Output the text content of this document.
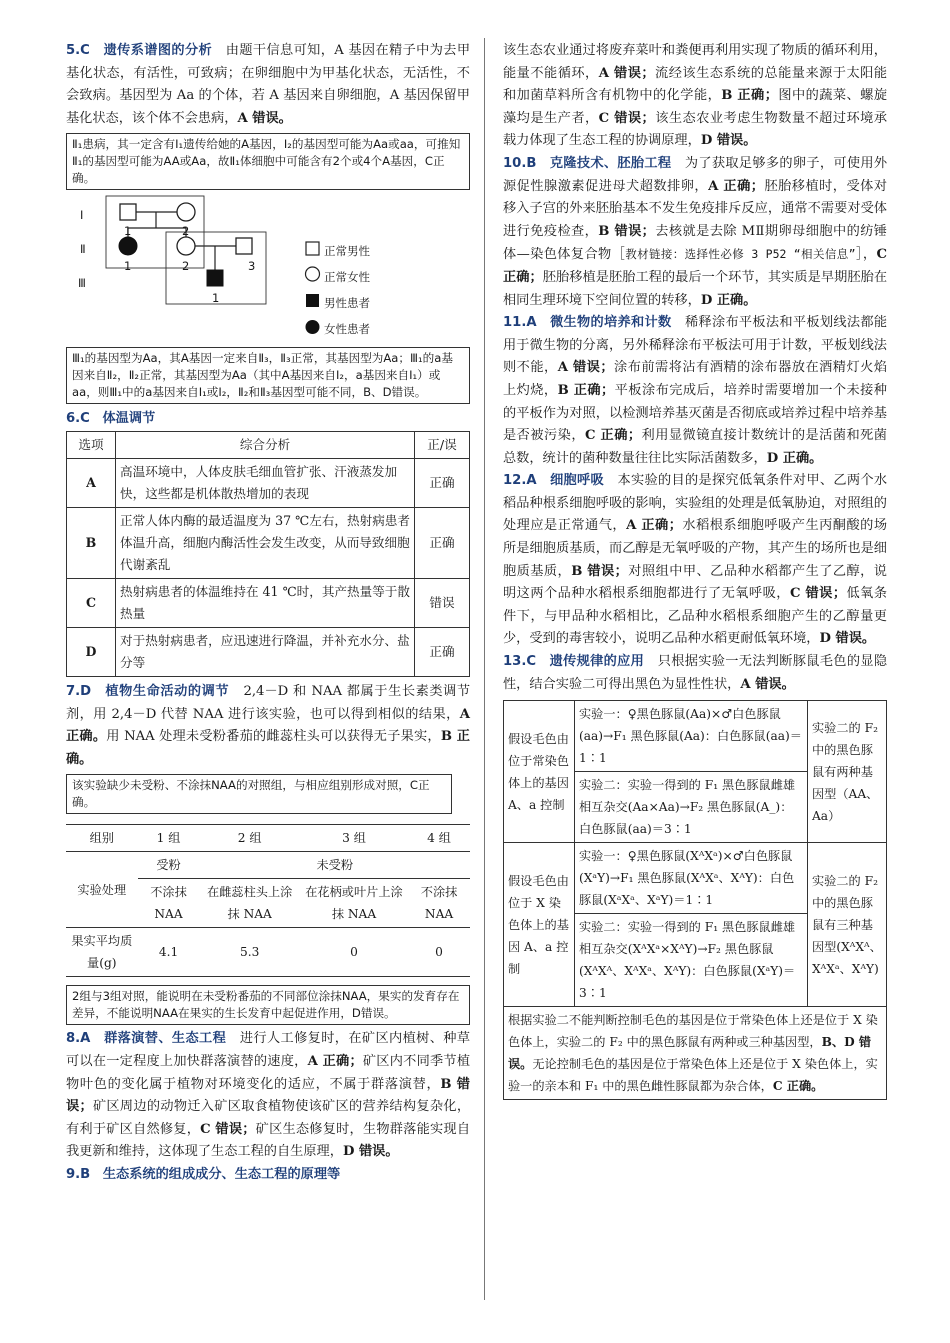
5.C 遗传系谱图的分析 由题干信息可知，A 基因在精子中为去甲基化状态，有活性，可致病；在卵细胞中为甲基化状态，无活性，不会致病。基因型为 Aa 的个体，若 A 基因来自卵细胞，A 基因保留甲基化状态，该个体不会患病，A 错误。

Ⅱ₁患病，其一定含有Ⅰ₁遗传给她的A基因，Ⅰ₂的基因型可能为Aa或aa，可推知Ⅱ₁的基因型可能为AA或Aa，故Ⅱ₁体细胞中可能含有2个或4个A基因，C正确。
Ⅰ
Ⅱ
Ⅲ
1	2
1	2	3
1
正常男性
正常女性
男性患者
女性患者
Ⅲ₁的基因型为Aa，其A基因一定来自Ⅱ₃，Ⅱ₃正常，其基因型为Aa；Ⅲ₁的a基因来自Ⅱ₂，Ⅱ₂正常，其基因型为Aa（其中A基因来自Ⅰ₂，a基因来自Ⅰ₁）或aa，则Ⅲ₁中的a基因来自Ⅰ₁或Ⅰ₂，Ⅱ₂和Ⅱ₃基因型可能不同，B、D错误。

6.C 体温调节

选项	综合分析	正/误
A	高温环境中，人体皮肤毛细血管扩张、汗液蒸发加快，这些都是机体散热增加的表现	正确
B	正常人体内酶的最适温度为 37 ℃左右，热射病患者体温升高，细胞内酶活性会发生改变，从而导致细胞代谢紊乱	正确
C	热射病患者的体温维持在 41 ℃时，其产热量等于散热量	错误
D	对于热射病患者，应迅速进行降温，并补充水分、盐分等	正确

7.D 植物生命活动的调节 2,4－D 和 NAA 都属于生长素类调节剂，用 2,4－D 代替 NAA 进行该实验，也可以得到相似的结果，A 正确。用 NAA 处理未受粉番茄的雌蕊柱头可以获得无子果实，B 正确。

该实验缺少未受粉、不涂抹NAA的对照组，与相应组别形成对照，C正确。
组别	1 组	2 组	3 组	4 组
实验处理	受粉	未受粉		
	不涂抹 NAA	在雌蕊柱头上涂抹 NAA	在花柄或叶片上涂抹 NAA	不涂抹 NAA
果实平均质量(g)	4.1	5.3	0	0
2组与3组对照，能说明在未受粉番茄的不同部位涂抹NAA，果实的发育存在差异，不能说明NAA在果实的生长发育中起促进作用，D错误。

8.A 群落演替、生态工程 进行人工修复时，在矿区内植树、种草可以在一定程度上加快群落演替的速度，A 正确；矿区内不同季节植物叶色的变化属于植物对环境变化的适应，不属于群落演替，B 错误；矿区周边的动物迁入矿区取食植物使该矿区的营养结构复杂化，有利于矿区自然修复，C 错误；矿区生态修复时，生物群落能实现自我更新和维持，这体现了生态工程的自生原理，D 错误。

9.B 生态系统的组成成分、生态工程的原理等

该生态农业通过将废弃菜叶和粪便再利用实现了物质的循环利用，能量不能循环，A 错误；流经该生态系统的总能量来源于太阳能和加菌草料所含有机物中的化学能，B 正确；图中的蔬菜、螺旋藻均是生产者，C 错误；该生态农业考虑生物数量不超过环境承载力体现了生态工程的协调原理，D 错误。

10.B 克隆技术、胚胎工程 为了获取足够多的卵子，可使用外源促性腺激素促进母犬超数排卵，A 正确；胚胎移植时，受体对移入子宫的外来胚胎基本不发生免疫排斥反应，通常不需要对受体进行免疫检查，B 错误；去核就是去除 MⅡ期卵母细胞中的纺锤体—染色体复合物［教材链接：选择性必修 3 P52 “相关信息”］，C 正确；胚胎移植是胚胎工程的最后一个环节，其实质是早期胚胎在相同生理环境下空间位置的转移，D 正确。

11.A 微生物的培养和计数 稀释涂布平板法和平板划线法都能用于微生物的分离，另外稀释涂布平板法可用于计数，平板划线法则不能，A 错误；涂布前需将沾有酒精的涂布器放在酒精灯火焰上灼烧，B 正确；平板涂布完成后，培养时需要增加一个未接种的平板作为对照，以检测培养基灭菌是否彻底或培养过程中培养基是否被污染，C 正确；利用显微镜直接计数统计的是活菌和死菌总数，统计的菌种数量往往比实际活菌数多，D 正确。

12.A 细胞呼吸 本实验的目的是探究低氧条件对甲、乙两个水稻品种根系细胞呼吸的影响，实验组的处理是低氧胁迫，对照组的处理应是正常通气，A 正确；水稻根系细胞呼吸产生丙酮酸的场所是细胞质基质，而乙醇是无氧呼吸的产物，其产生的场所也是细胞质基质，B 错误；对照组中甲、乙品种水稻都产生了乙醇，说明这两个品种水稻根系细胞都进行了无氧呼吸，C 错误；低氧条件下，与甲品种水稻相比，乙品种水稻根系细胞产生的乙醇量更少，受到的毒害较小，说明乙品种水稻更耐低氧环境，D 错误。

13.C 遗传规律的应用 只根据实验一无法判断豚鼠毛色的显隐性，结合实验二可得出黑色为显性性状，A 错误。

假设毛色由位于常染色体上的基因 A、a 控制	实验一：♀黑色豚鼠(Aa)×♂白色豚鼠(aa)→F₁ 黑色豚鼠(Aa)：白色豚鼠(aa)＝1∶1	实验二的 F₂ 中的黑色豚鼠有两种基因型（AA、Aa）
	实验二：实验一得到的 F₁ 黑色豚鼠雌雄相互杂交(Aa×Aa)→F₂ 黑色豚鼠(A_)：白色豚鼠(aa)＝3∶1	
假设毛色由位于 X 染色体上的基因 A、a 控制	实验一：♀黑色豚鼠(XᴬXᵃ)×♂白色豚鼠(XᵃY)→F₁ 黑色豚鼠(XᴬXᵃ、XᴬY)：白色豚鼠(XᵃXᵃ、XᵃY)＝1∶1	实验二的 F₂ 中的黑色豚鼠有三种基因型(XᴬXᴬ、XᴬXᵃ、XᴬY)
	实验二：实验一得到的 F₁ 黑色豚鼠雌雄相互杂交(XᴬXᵃ×XᴬY)→F₂ 黑色豚鼠(XᴬXᴬ、XᴬXᵃ、XᴬY)：白色豚鼠(XᵃY)＝3∶1	
根据实验二不能判断控制毛色的基因是位于常染色体上还是位于 X 染色体上，实验二的 F₂ 中的黑色豚鼠有两种或三种基因型，B、D 错误。无论控制毛色的基因是位于常染色体上还是位于 X 染色体上，实验一的亲本和 F₁ 中的黑色雌性豚鼠都为杂合体，C 正确。		
